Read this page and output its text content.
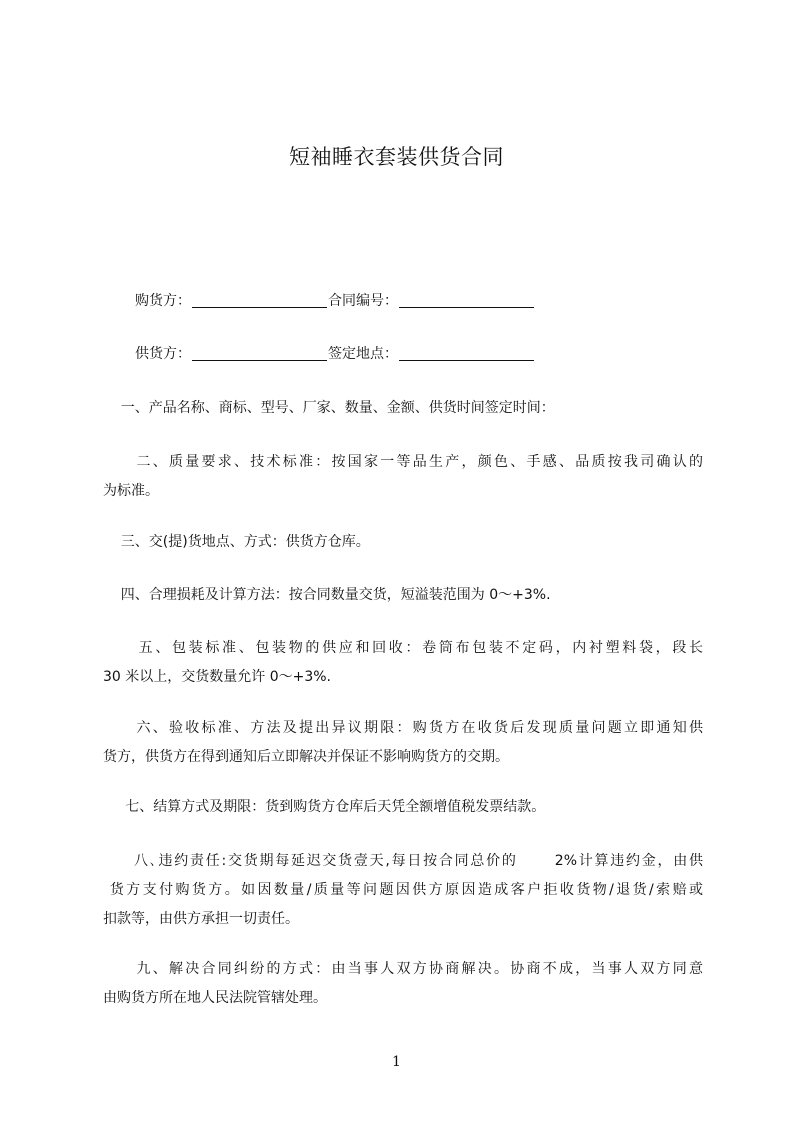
短袖睡衣套装供货合同
购货方：	合同编号：
供货方：	签定地点：
一、产品名称、商标、型号、厂家、数量、金额、供货时间签定时间：
二、质量要求、技术标准：按国家一等品生产，颜色、手感、品质按我司确认的
为标准。
三、交(提)货地点、方式：供货方仓库。
四、合理损耗及计算方法：按合同数量交货，短溢装范围为 0～+3%.
五、包装标准、包装物的供应和回收：卷筒布包装不定码，内衬塑料袋，段长
30 米以上，交货数量允许 0～+3%.
六、验收标准、方法及提出异议期限：购货方在收货后发现质量问题立即通知供
货方，供货方在得到通知后立即解决并保证不影响购货方的交期。
七、结算方式及期限：货到购货方仓库后天凭全额增值税发票结款。
八､违约责任:交货期每延迟交货壹天,每日按合同总价的      2%计算违约金，由供
货方支付购货方。如因数量/质量等问题因供方原因造成客户拒收货物/退货/索赔或
扣款等，由供方承担一切责任。
九、解决合同纠纷的方式：由当事人双方协商解决。协商不成，当事人双方同意
由购货方所在地人民法院管辖处理。
1
